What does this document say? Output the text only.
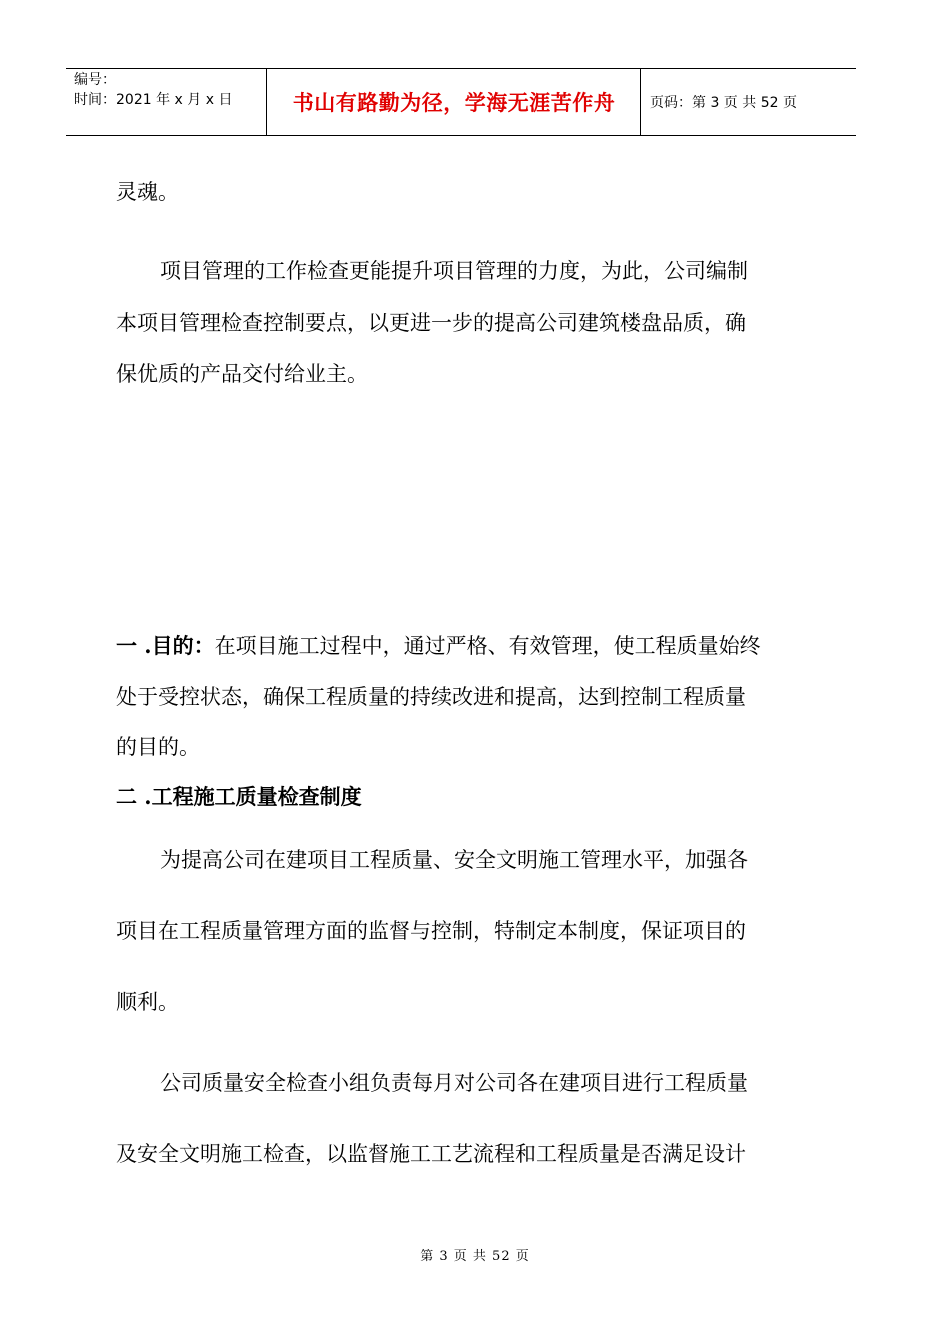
编号：
时间：2021 年 x 月 x 日	书山有路勤为径，学海无涯苦作舟	页码：第 3 页 共 52 页
灵魂。
项目管理的工作检查更能提升项目管理的力度，为此，公司编制
本项目管理检查控制要点，以更进一步的提高公司建筑楼盘品质，确
保优质的产品交付给业主。
一 .目的：在项目施工过程中，通过严格、有效管理，使工程质量始终
处于受控状态，确保工程质量的持续改进和提高，达到控制工程质量
的目的。
二 .工程施工质量检查制度
为提高公司在建项目工程质量、安全文明施工管理水平，加强各
项目在工程质量管理方面的监督与控制，特制定本制度，保证项目的
顺利。
公司质量安全检查小组负责每月对公司各在建项目进行工程质量
及安全文明施工检查，以监督施工工艺流程和工程质量是否满足设计
第 3 页 共 52 页
